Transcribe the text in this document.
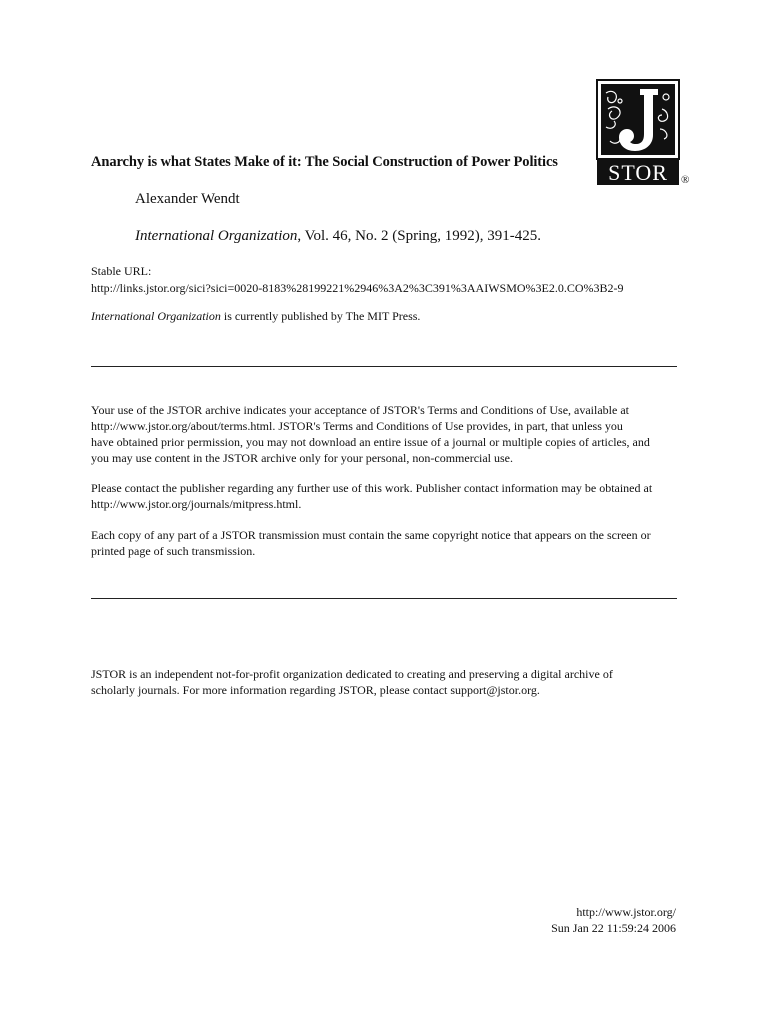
STOR ®
Anarchy is what States Make of it: The Social Construction of Power Politics
Alexander Wendt
International Organization, Vol. 46, No. 2 (Spring, 1992), 391-425.
Stable URL:
http://links.jstor.org/sici?sici=0020-8183%28199221%2946%3A2%3C391%3AAIWSMO%3E2.0.CO%3B2-9
International Organization is currently published by The MIT Press.
Your use of the JSTOR archive indicates your acceptance of JSTOR's Terms and Conditions of Use, available at
http://www.jstor.org/about/terms.html. JSTOR's Terms and Conditions of Use provides, in part, that unless you
have obtained prior permission, you may not download an entire issue of a journal or multiple copies of articles, and
you may use content in the JSTOR archive only for your personal, non-commercial use.
Please contact the publisher regarding any further use of this work. Publisher contact information may be obtained at
http://www.jstor.org/journals/mitpress.html.
Each copy of any part of a JSTOR transmission must contain the same copyright notice that appears on the screen or
printed page of such transmission.
JSTOR is an independent not-for-profit organization dedicated to creating and preserving a digital archive of
scholarly journals. For more information regarding JSTOR, please contact support@jstor.org.
http://www.jstor.org/
Sun Jan 22 11:59:24 2006
